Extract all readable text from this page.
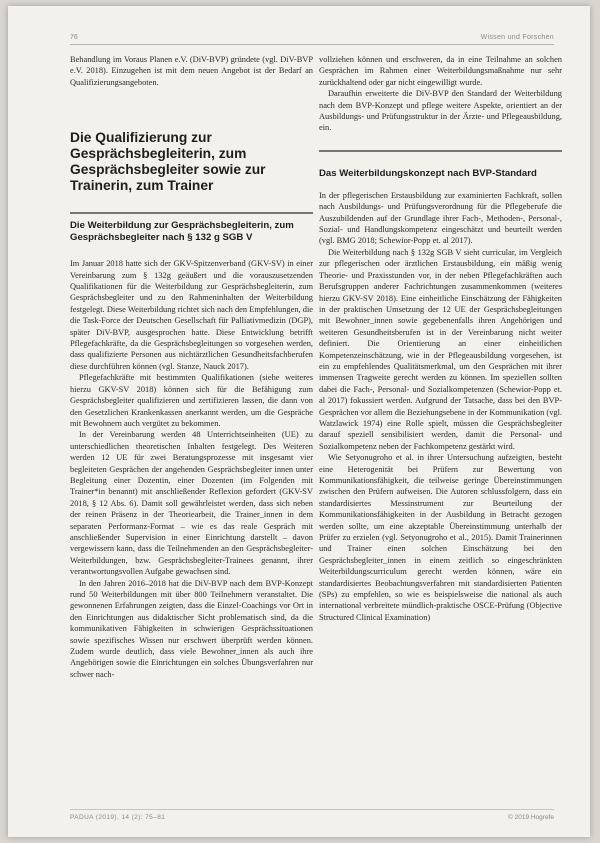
76	Wissen und Forschen

Behandlung im Voraus Planen e.V. (DiV-BVP) gründete (vgl. DiV-BVP e.V. 2018). Einzugehen ist mit dem neuen Angebot ist der Bedarf an Qualifizierungsangeboten.

Die Qualifizierung zur Gesprächsbegleiterin, zum Gesprächsbegleiter sowie zur Trainerin, zum Trainer
Die Weiterbildung zur Gesprächsbegleiterin, zum Gesprächsbegleiter nach § 132 g SGB V

Im Januar 2018 hatte sich der GKV-Spitzenverband (GKV-SV) in einer Vereinbarung zum § 132g geäußert und die vorauszusetzenden Qualifikationen für die Weiterbildung zur Gesprächsbegleiterin, zum Gesprächsbegleiter und zu den Rahmeninhalten der Weiterbildung festgelegt. Diese Weiterbildung richtet sich nach den Empfehlungen, die die Task-Force der Deutschen Gesellschaft für Palliativmedizin (DGP), später DiV-BVP, ausgesprochen hatte. Diese Entwicklung betrifft Pflegefachkräfte, da die Gesprächsbegleitungen so vorgesehen werden, dass qualifizierte Personen aus nichtärztlichen Gesundheitsfachberufen diese durchführen können (vgl. Stanze, Nauck 2017).

Pflegefachkräfte mit bestimmten Qualifikationen (siehe weiteres hierzu GKV-SV 2018) können sich für die Befähigung zum Gesprächsbegleiter qualifizieren und zertifizieren lassen, die dann von den Gesetzlichen Krankenkassen anerkannt werden, um die Gespräche mit Bewohnern auch vergütet zu bekommen.

In der Vereinbarung werden 48 Unterrichtseinheiten (UE) zu unterschiedlichen theoretischen Inhalten festgelegt. Des Weiteren werden 12 UE für zwei Beratungsprozesse mit insgesamt vier begleiteten Gesprächen der angehenden Gesprächsbegleiter innen unter Begleitung einer Dozentin, einer Dozenten (im Folgenden mit Trainer*in benannt) mit anschließender Reflexion gefordert (GKV-SV 2018, § 12 Abs. 6). Damit soll gewährleistet werden, dass sich neben der reinen Präsenz in der Theoriearbeit, die Trainer_innen in dem separaten Performanz-Format – wie es das reale Gespräch mit anschließender Supervision in einer Einrichtung darstellt – davon vergewissern kann, dass die Teilnehmenden an den Gesprächsbegleiter-Weiterbildungen, bzw. Gesprächsbegleiter-Trainees genannt, ihrer verantwortungsvollen Aufgabe gewachsen sind.

In den Jahren 2016–2018 hat die DiV-BVP nach dem BVP-Konzept rund 50 Weiterbildungen mit über 800 Teilnehmern veranstaltet. Die gewonnenen Erfahrungen zeigten, dass die Einzel-Coachings vor Ort in den Einrichtungen aus didaktischer Sicht problematisch sind, da die kommunikativen Fähigkeiten in schwierigen Gesprächssituationen sowie spezifisches Wissen nur erschwert überprüft werden können. Zudem wurde deutlich, dass viele Bewohner_innen als auch ihre Angehörigen sowie die Einrichtungen ein solches Übungsverfahren nur schwer nach-

vollziehen können und erschweren, da in eine Teilnahme an solchen Gesprächen im Rahmen einer Weiterbildungsmaßnahme nur sehr zurückhaltend oder gar nicht eingewilligt wurde.

Daraufhin erweiterte die DiV-BVP den Standard der Weiterbildung nach dem BVP-Konzept und pflege weitere Aspekte, orientiert an der Ausbildungs- und Prüfungsstruktur in der Ärzte- und Pflegeausbildung, ein.

Das Weiterbildungskonzept nach BVP-Standard

In der pflegerischen Erstausbildung zur examinierten Fachkraft, sollen nach Ausbildungs- und Prüfungsverordnung für die Pflegeberufe die Auszubildenden auf der Grundlage ihrer Fach-, Methoden-, Personal-, Sozial- und Handlungskompetenz eingeschätzt und beurteilt werden (vgl. BMG 2018; Schewior-Popp et. al 2017).

Die Weiterbildung nach § 132g SGB V sieht curricular, im Vergleich zur pflegerischen oder ärztlichen Erstausbildung, ein mäßig wenig Theorie- und Praxisstunden vor, in der neben Pflegefachkräften auch Berufsgruppen anderer Fachrichtungen zusammenkommen (weiteres hierzu GKV-SV 2018). Eine einheitliche Einschätzung der Fähigkeiten in der praktischen Umsetzung der 12 UE der Gesprächsbegleitungen mit Bewohner_innen sowie gegebenenfalls ihren Angehörigen und weiteren Gesundheitsberufen ist in der Vereinbarung nicht weiter definiert. Die Orientierung an einer einheitlichen Kompetenzeinschätzung, wie in der Pflegeausbildung vorgesehen, ist ein zu empfehlendes Qualitätsmerkmal, um den Gesprächen mit ihrer immensen Tragweite gerecht werden zu können. Im speziellen sollten dabei die Fach-, Personal- und Sozialkompetenzen (Schewior-Popp et. al 2017) fokussiert werden. Aufgrund der Tatsache, dass bei den BVP-Gesprächen vor allem die Beziehungsebene in der Kommunikation (vgl. Watzlawick 1974) eine Rolle spielt, müssen die Gesprächsbegleiter darauf speziell sensibilisiert werden, damit die Personal- und Sozialkompetenz neben der Fachkompetenz gestärkt wird.

Wie Setyonugroho et al. in ihrer Untersuchung aufzeigten, besteht eine Heterogenität bei Prüfern zur Bewertung von Kommunikationsfähigkeit, die teilweise geringe Übereinstimmungen zwischen den Prüfern aufweisen. Die Autoren schlussfolgern, dass ein standardisiertes Messinstrument zur Beurteilung der Kommunikationsfähigkeiten in der Ausbildung in Betracht gezogen werden sollte, um eine akzeptable Übereinstimmung unterhalb der Prüfer zu erzielen (vgl. Setyonugroho et al., 2015). Damit Trainerinnen und Trainer einen solchen Einschätzung bei den Gesprächsbegleiter_innen in einem zeitlich so eingeschränkten Weiterbildungscurriculum gerecht werden können, wäre ein standardisiertes Beobachtungsverfahren mit standardisierten Patienten (SPs) zu empfehlen, so wie es beispielsweise die national als auch international verbreitete mündlich-praktische OSCE-Prüfung (Objective Structured Clinical Examination)

PADUA (2019), 14 (2): 75–81	© 2019 Hogrefe
